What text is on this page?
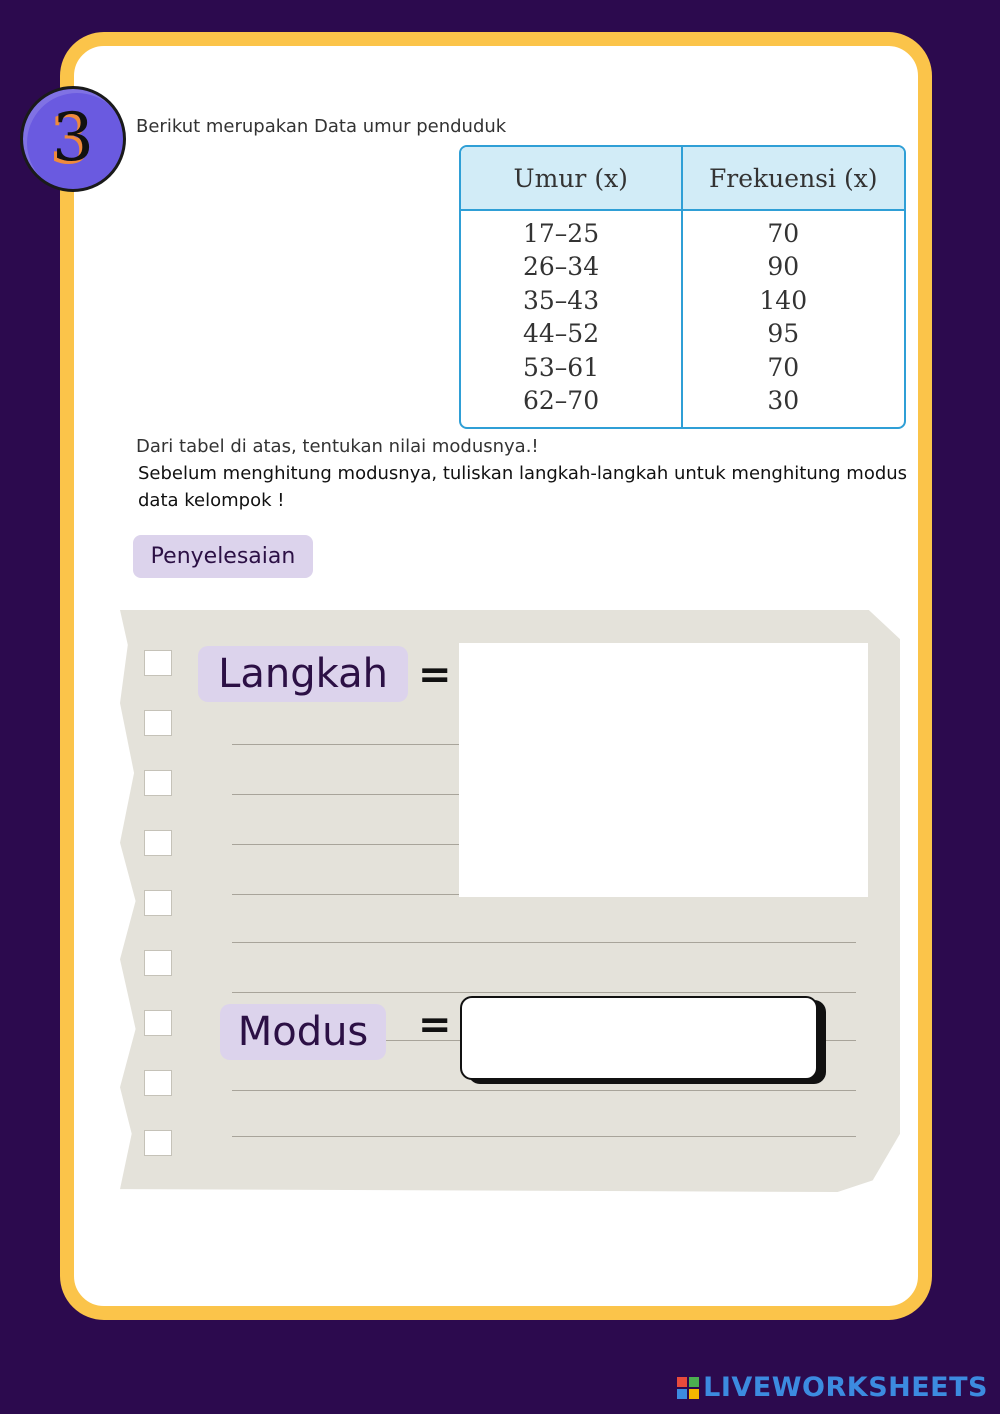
3 Berikut merupakan Data umur penduduk
Umur (x)	Frekuensi (x)
17–25
26–34
35–43
44–52
53–61
62–70
70
90
140
95
70
30
Dari tabel di atas, tentukan nilai modusnya.!
Sebelum menghitung modusnya, tuliskan langkah-langkah untuk menghitung modus data kelompok !
Penyelesaian
Langkah =
Modus	=
LIVEWORKSHEETS
